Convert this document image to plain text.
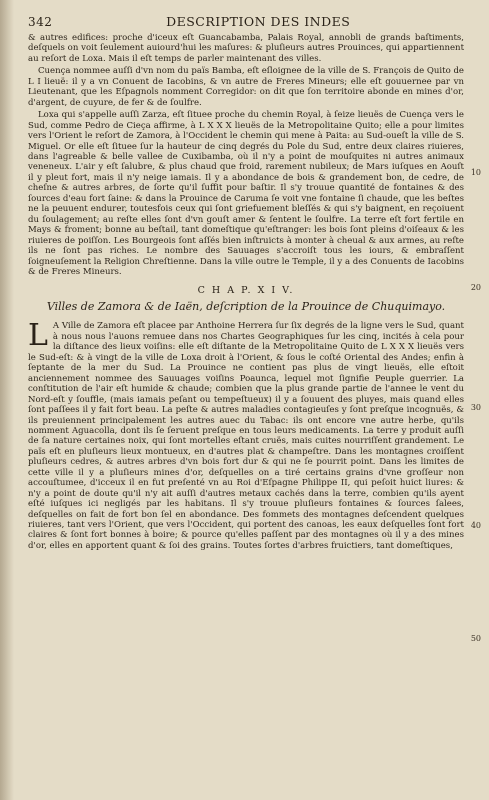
342	DESCRIPTION DES INDES

& autres edifices: proche d'iceux eſt Guancabamba, Palais Royal, annobli de grands baſtiments, deſquels on voit ſeulement auiourd'hui les maſures: & pluſieurs autres Prouinces, qui appartiennent au reſort de Loxa. Mais il eſt temps de parler maintenant des villes.

Cuença nommee auſſi d'vn nom du païs Bamba, eſt eſloignee de la ville de S. François de Quito de L I lieuë: il y a vn Conuent de Iacobins, & vn autre de Freres Mineurs; elle eſt gouuernee par vn Lieutenant, que les Eſpagnols nomment Corregidor: on dit que ſon territoire abonde en mines d'or, d'argent, de cuyure, de fer & de ſoulfre.

Loxa qui s'appelle auſſi Zarza, eſt ſituee proche du chemin Royal, à ſeize lieuës de Cuença vers le Sud, comme Pedro de Cieça affirme, à L X X X lieuës de la Metropolitaine Quito; elle a pour limites vers l'Orient le reſort de Zamora, à l'Occident le chemin qui mene à Paita: au Sud-oueſt la ville de S. Miguel. Or elle eſt ſituee ſur la hauteur de cinq degrés du Pole du Sud, entre deux claires riuieres, dans l'agreable & belle vallee de Cuxibamba, où il n'y a point de mouſquites ni autres animaux veneneux. L'air y eſt ſalubre, & plus chaud que froid, rarement nubileux; de Mars iuſques en Aouſt il y pleut fort, mais il n'y neige iamais. Il y a abondance de bois & grandement bon, de cedre, de cheſne & autres arbres, de ſorte qu'il ſuffit pour baſtir. Il s'y trouue quantité de fontaines & des ſources d'eau fort ſaine: & dans la Prouince de Caruma ſe voit vne fontaine ſi chaude, que les beſtes ne la peuuent endurer, toutesfois ceux qui ſont griefuement bleſſés & qui s'y baignent, en reçoiuent du ſoulagement; au reſte elles ſont d'vn gouſt amer & ſentent le ſoulfre. La terre eſt fort fertile en Mays & froment; bonne au beſtail, tant domeſtique qu'eſtranger: les bois ſont pleins d'oiſeaux & les riuieres de poiſſon. Les Bourgeois ſont aſſés bien inſtruicts à monter à cheual & aux armes, au reſte ils ne ſont pas riches. Le nombre des Sauuages s'accroiſt tous les iours, & embraſſent ſoigneuſement la Religion Chreſtienne. Dans la ville outre le Temple, il y a des Conuents de Iacobins & de Freres Mineurs.

C H A P. X I V.
Villes de Zamora & de Iaën, deſcription de la Prouince de Chuquimayo.

L A Ville de Zamora eſt placee par Anthoine Herrera ſur ſix degrés de la ligne vers le Sud, quant à nous nous l'auons remuee dans nos Chartes Geographiques ſur les cinq, incités à cela pour la diſtance des lieux voiſins: elle eſt diſtante de la Metropolitaine Quito de L X X X lieuës vers le Sud-eſt: & à vingt de la ville de Loxa droit à l'Orient, & ſous le coſté Oriental des Andes; enfin à ſeptante de la mer du Sud. La Prouince ne contient pas plus de vingt lieuës, elle eſtoit anciennement nommee des Sauuages voiſins Poaunca, lequel mot ſignifie Peuple guerrier. La conſtitution de l'air eſt humide & chaude; combien que la plus grande partie de l'annee le vent du Nord-eſt y ſouffle, (mais iamais peſant ou tempeſtueux) il y a ſouuent des pluyes, mais quand elles ſont paſſees il y fait fort beau. La peſte & autres maladies contagieuſes y ſont preſque incognuës, & ils preuiennent principalement les autres auec du Tabac: ils ont encore vne autre herbe, qu'ils nomment Aguacolla, dont ils ſe ſeruent preſque en tous leurs medicaments. La terre y produit auſſi de ſa nature certaines noix, qui ſont mortelles eſtant cruës, mais cuites nourriſſent grandement. Le païs eſt en pluſieurs lieux montueux, en d'autres plat & champeſtre. Dans les montagnes croiſſent pluſieurs cedres, & autres arbres d'vn bois fort dur & qui ne ſe pourrit point. Dans les limites de cette ville il y a pluſieurs mines d'or, deſquelles on a tiré certains grains d'vne groſſeur non accouſtumee, d'icceux il en fut preſenté vn au Roi d'Eſpagne Philippe II, qui peſoit huict liures: & n'y a point de doute qu'il n'y ait auſſi d'autres metaux cachés dans la terre, combien qu'ils ayent eſté iuſques ici negligés par les habitans. Il s'y trouue pluſieurs fontaines & ſources ſalees, deſquelles on fait de fort bon ſel en abondance. Des fommets des montagnes deſcendent quelques riuieres, tant vers l'Orient, que vers l'Occident, qui portent des canoas, les eaux deſquelles ſont fort claires & ſont fort bonnes à boire; & pource qu'elles paſſent par des montagnes où il y a des mines d'or, elles en apportent quant & ſoi des grains. Toutes ſortes d'arbres fruictiers, tant domeſtiques,

10
20
30
40
50
